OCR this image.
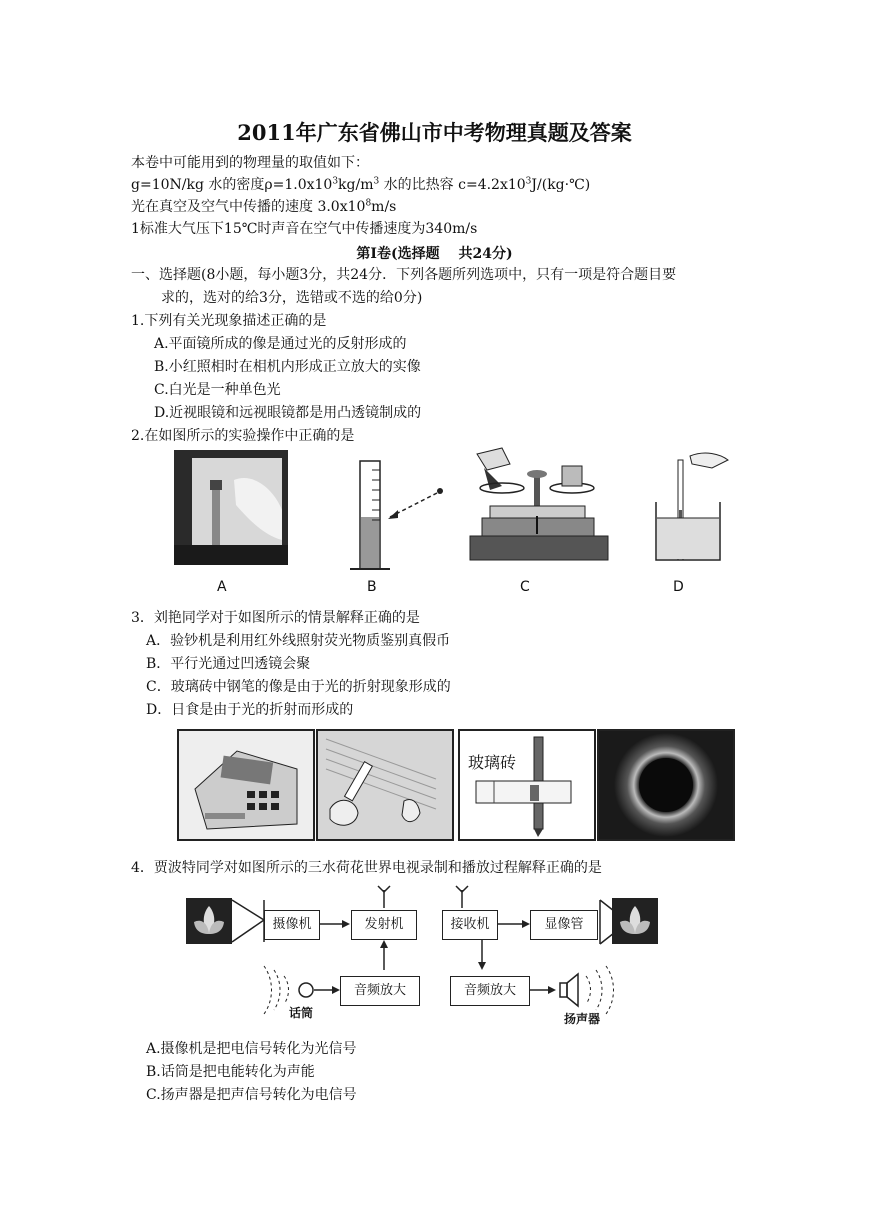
2011年广东省佛山市中考物理真题及答案
本卷中可能用到的物理量的取值如下：
g=10N/kg 水的密度$\rho=1.0x10^3kg/m^3$ 水的比热容 $c=4.2x10^3J/(kg\cdot℃)$
光在真空及空气中传播的速度 $3.0x10^8m/s$
1标准大气压下15℃时声音在空气中传播速度为340m/s
第Ⅰ卷(选择题　 共24分)
一、选择题(8小题，每小题3分，共24分．下列各题所列选项中，只有一项是符合题目要
求的，选对的给3分，选错或不选的给0分)
1.下列有关光现象描述正确的是
A.平面镜所成的像是通过光的反射形成的
B.小红照相时在相机内形成正立放大的实像
C.白光是一种单色光
D.近视眼镜和远视眼镜都是用凸透镜制成的
2.在如图所示的实验操作中正确的是
A	B	C	D
3．刘艳同学对于如图所示的情景解释正确的是
A．验钞机是利用红外线照射荧光物质鉴别真假币
B．平行光通过凹透镜会聚
C．玻璃砖中钢笔的像是由于光的折射现象形成的
D．日食是由于光的折射而形成的
玻璃砖
4．贾波特同学对如图所示的三水荷花世界电视录制和播放过程解释正确的是
摄像机	发射机	接收机	显像管
音频放大	音频放大
话筒	扬声器
A.摄像机是把电信号转化为光信号
B.话筒是把电能转化为声能
C.扬声器是把声信号转化为电信号
